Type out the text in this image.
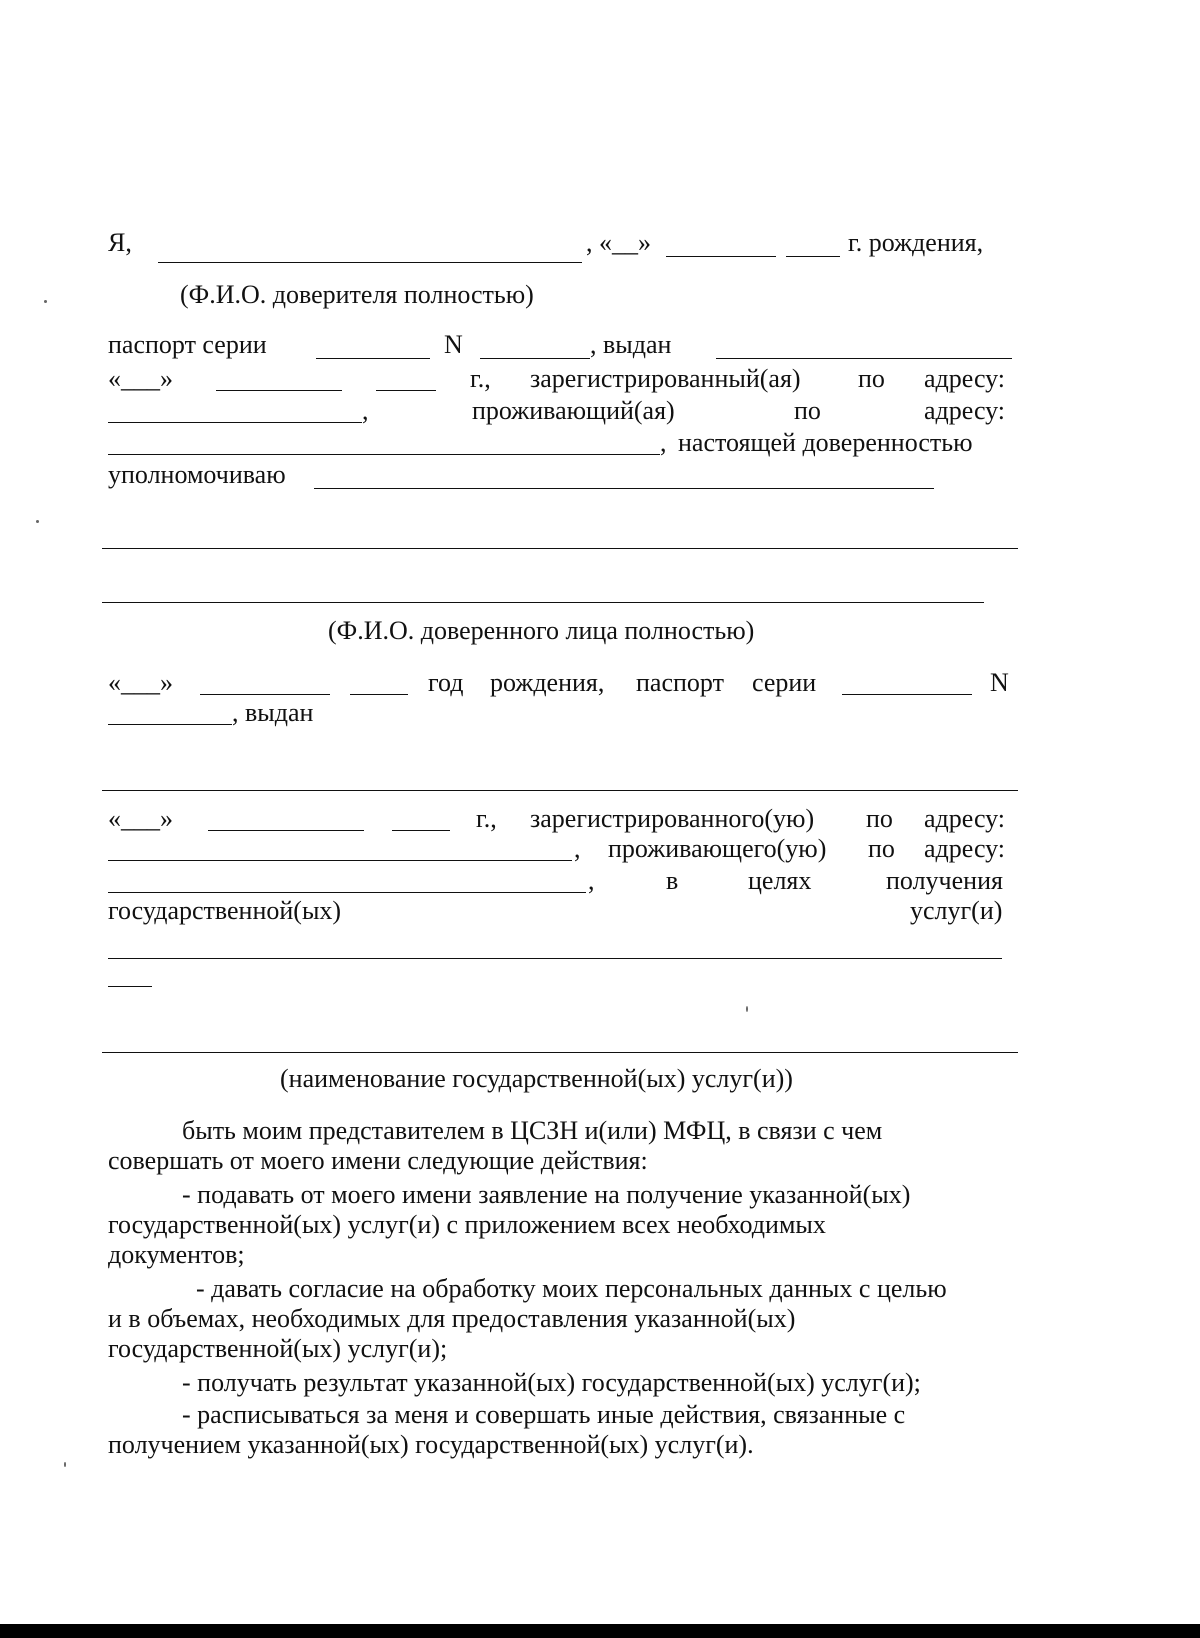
Я,	, «__»	г. рождения,
(Ф.И.О. доверителя полностью)
паспорт серии	N	, выдан
«___»	г., зарегистрированный(ая) по адресу:
,	проживающий(ая)	по	адресу:
, настоящей доверенностью
уполномочиваю
(Ф.И.О. доверенного лица полностью)
«___»	год рождения, паспорт серии	N
, выдан
«___»	г., зарегистрированного(ую) по адресу:
, проживающего(ую) по адресу:
,	в	целях	получения
государственной(ых)	услуг(и)
(наименование государственной(ых) услуг(и))
быть моим представителем в ЦСЗН и(или) МФЦ, в связи с чем
совершать от моего имени следующие действия:
- подавать от моего имени заявление на получение указанной(ых)
государственной(ых) услуг(и) с приложением всех необходимых
документов;
- давать согласие на обработку моих персональных данных с целью
и в объемах, необходимых для предоставления указанной(ых)
государственной(ых) услуг(и);
- получать результат указанной(ых) государственной(ых) услуг(и);
- расписываться за меня и совершать иные действия, связанные с
получением указанной(ых) государственной(ых) услуг(и).
